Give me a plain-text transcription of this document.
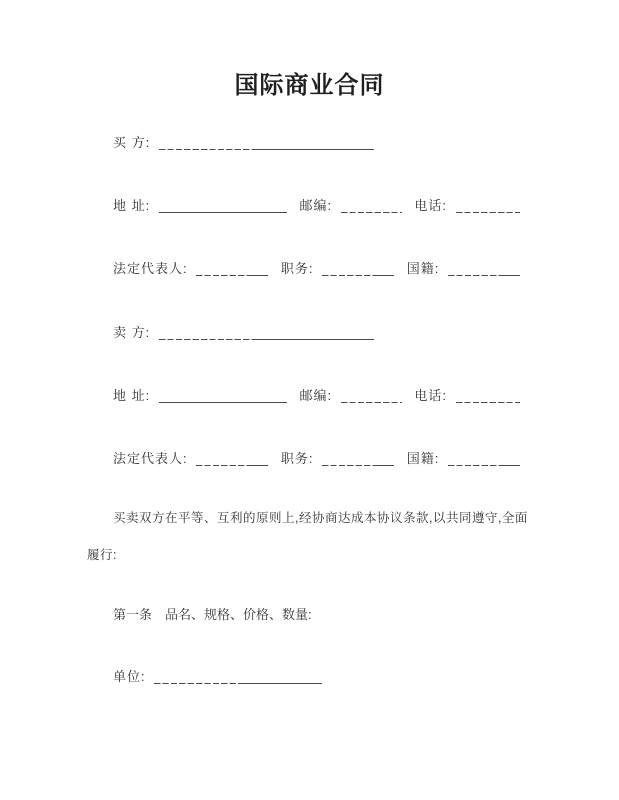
国际商业合同
买 方:
地 址:	邮编:	电话:
法定代表人:	职务:	国籍:
卖 方:
地 址:	邮编:	电话:
法定代表人:	职务:	国籍:
买卖双方在平等、互利的原则上,经协商达成本协议条款,以共同遵守,全面
履行:
第一条　品名、规格、价格、数量:
单位:
